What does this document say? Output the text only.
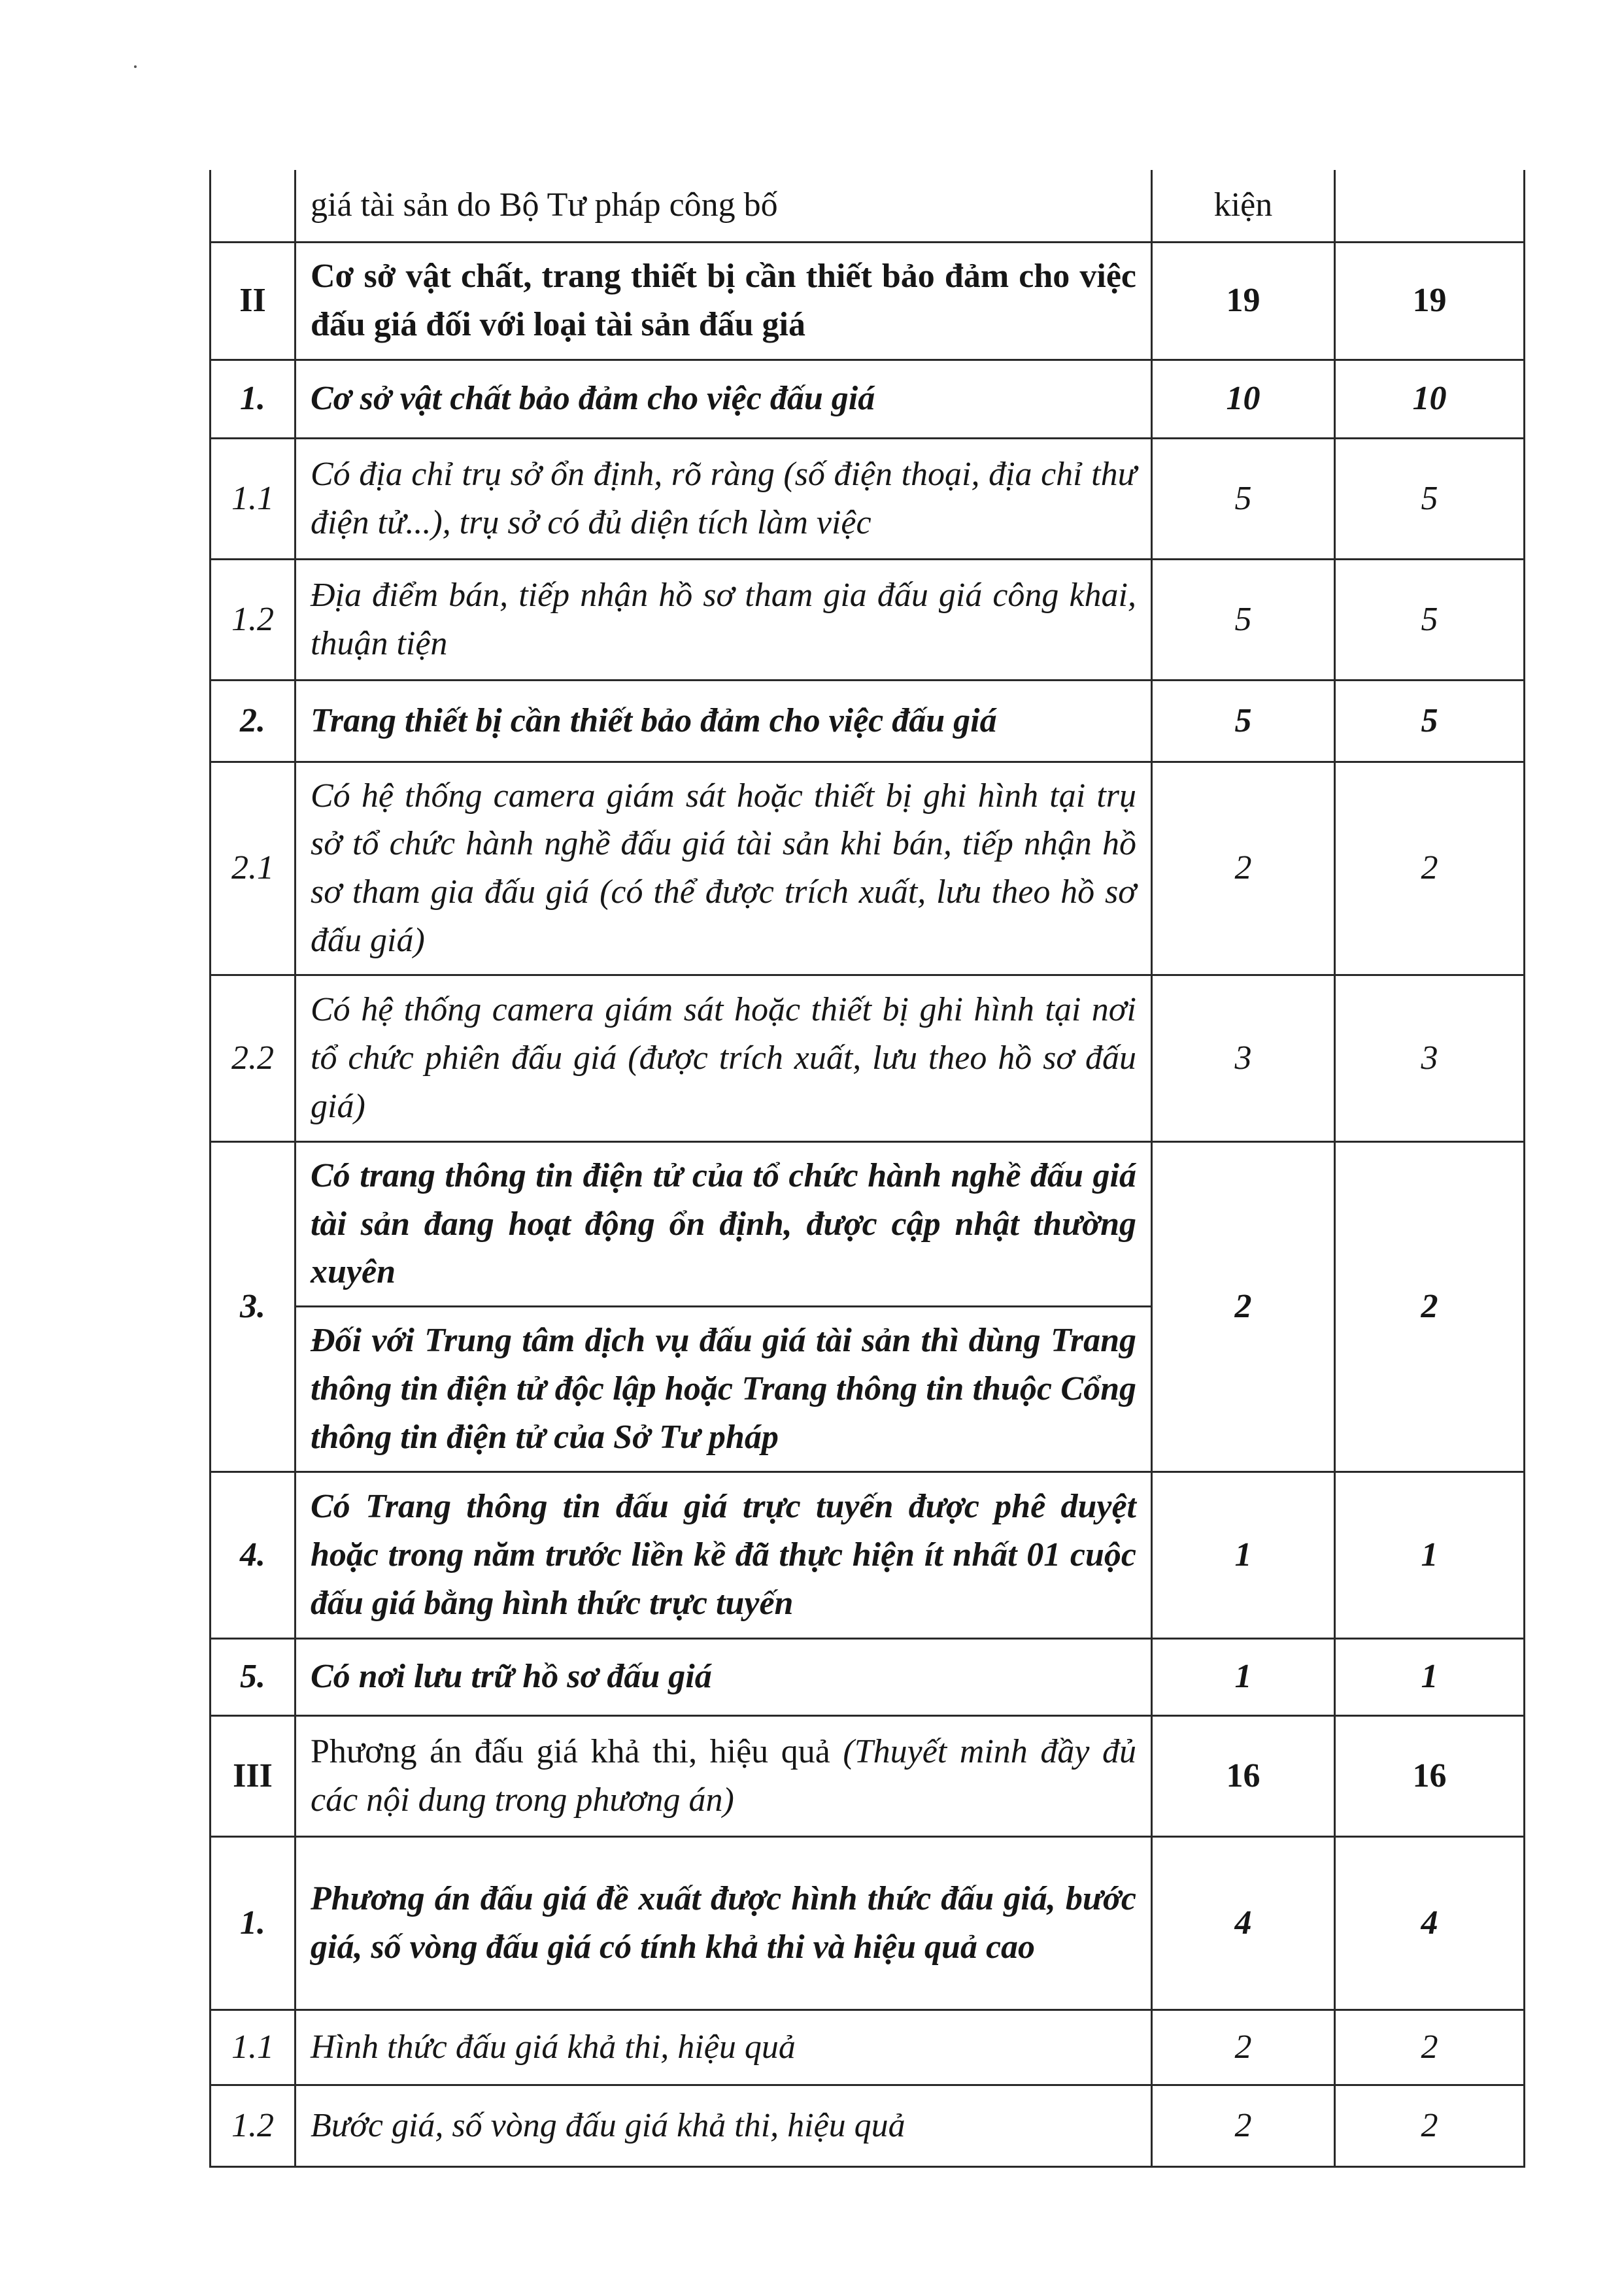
	giá tài sản do Bộ Tư pháp công bố	kiện	
II	Cơ sở vật chất, trang thiết bị cần thiết bảo đảm cho việc đấu giá đối với loại tài sản đấu giá	19	19
1.	Cơ sở vật chất bảo đảm cho việc đấu giá	10	10
1.1	Có địa chỉ trụ sở ổn định, rõ ràng (số điện thoại, địa chỉ thư điện tử...), trụ sở có đủ diện tích làm việc	5	5
1.2	Địa điểm bán, tiếp nhận hồ sơ tham gia đấu giá công khai, thuận tiện	5	5
2.	Trang thiết bị cần thiết bảo đảm cho việc đấu giá	5	5
2.1	Có hệ thống camera giám sát hoặc thiết bị ghi hình tại trụ sở tổ chức hành nghề đấu giá tài sản khi bán, tiếp nhận hồ sơ tham gia đấu giá (có thể được trích xuất, lưu theo hồ sơ đấu giá)	2	2
2.2	Có hệ thống camera giám sát hoặc thiết bị ghi hình tại nơi tổ chức phiên đấu giá (được trích xuất, lưu theo hồ sơ đấu giá)	3	3
3.	Có trang thông tin điện tử của tổ chức hành nghề đấu giá tài sản đang hoạt động ổn định, được cập nhật thường xuyên	2	2
	Đối với Trung tâm dịch vụ đấu giá tài sản thì dùng Trang thông tin điện tử độc lập hoặc Trang thông tin thuộc Cổng thông tin điện tử của Sở Tư pháp		
4.	Có Trang thông tin đấu giá trực tuyến được phê duyệt hoặc trong năm trước liền kề đã thực hiện ít nhất 01 cuộc đấu giá bằng hình thức trực tuyến	1	1
5.	Có nơi lưu trữ hồ sơ đấu giá	1	1
III	Phương án đấu giá khả thi, hiệu quả (Thuyết minh đầy đủ các nội dung trong phương án)	16	16
1.	Phương án đấu giá đề xuất được hình thức đấu giá, bước giá, số vòng đấu giá có tính khả thi và hiệu quả cao	4	4
1.1	Hình thức đấu giá khả thi, hiệu quả	2	2
1.2	Bước giá, số vòng đấu giá khả thi, hiệu quả	2	2
